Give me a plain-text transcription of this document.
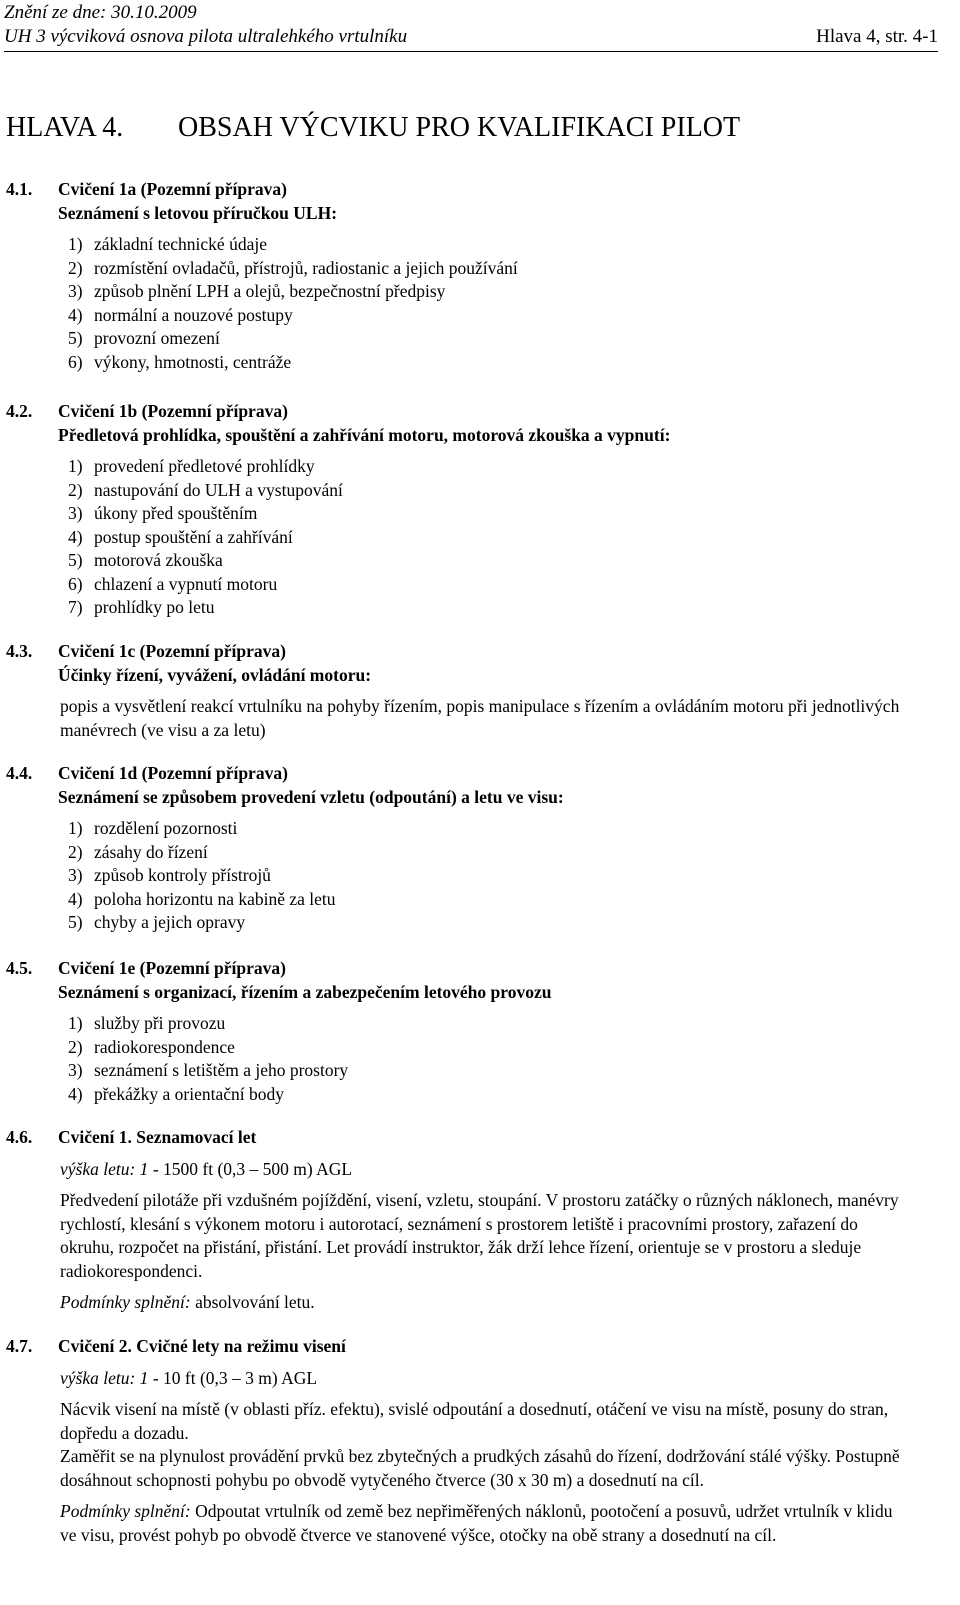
Znění ze dne: 30.10.2009
UH 3 výcviková osnova pilota ultralehkého vrtulníku	Hlava 4, str. 4-1
HLAVA 4. OBSAH VÝCVIKU PRO KVALIFIKACI PILOT
4.1. Cvičení 1a (Pozemní příprava)
Seznámení s letovou příručkou ULH:
1) základní technické údaje
2) rozmístění ovladačů, přístrojů, radiostanic a jejich používání
3) způsob plnění LPH a olejů, bezpečnostní předpisy
4) normální a nouzové postupy
5) provozní omezení
6) výkony, hmotnosti, centráže
4.2. Cvičení 1b (Pozemní příprava)
Předletová prohlídka, spouštění a zahřívání motoru, motorová zkouška a vypnutí:
1) provedení předletové prohlídky
2) nastupování do ULH a vystupování
3) úkony před spouštěním
4) postup spouštění a zahřívání
5) motorová zkouška
6) chlazení a vypnutí motoru
7) prohlídky po letu
4.3. Cvičení 1c (Pozemní příprava)
Účinky řízení, vyvážení, ovládání motoru:
popis a vysvětlení reakcí vrtulníku na pohyby řízením, popis manipulace s řízením a ovládáním motoru při jednotlivých manévrech (ve visu a za letu)
4.4. Cvičení 1d (Pozemní příprava)
Seznámení se způsobem provedení vzletu (odpoutání) a letu ve visu:
1) rozdělení pozornosti
2) zásahy do řízení
3) způsob kontroly přístrojů
4) poloha horizontu na kabině za letu
5) chyby a jejich opravy
4.5. Cvičení 1e (Pozemní příprava)
Seznámení s organizací, řízením a zabezpečením letového provozu
1) služby při provozu
2) radiokorespondence
3) seznámení s letištěm a jeho prostory
4) překážky a orientační body
4.6. Cvičení 1. Seznamovací let
výška letu: 1 - 1500 ft (0,3 – 500 m) AGL
Předvedení pilotáže při vzdušném pojíždění, visení, vzletu, stoupání. V prostoru zatáčky o různých náklonech, manévry rychlostí, klesání s výkonem motoru i autorotací, seznámení s prostorem letiště i pracovními prostory, zařazení do okruhu, rozpočet na přistání, přistání. Let provádí instruktor, žák drží lehce řízení, orientuje se v prostoru a sleduje radiokorespondenci.
Podmínky splnění: absolvování letu.
4.7. Cvičení 2. Cvičné lety na režimu visení
výška letu: 1 - 10 ft (0,3 – 3 m) AGL
Nácvik visení na místě (v oblasti příz. efektu), svislé odpoutání a dosednutí, otáčení ve visu na místě, posuny do stran, dopředu a dozadu.
Zaměřit se na plynulost provádění prvků bez zbytečných a prudkých zásahů do řízení, dodržování stálé výšky. Postupně dosáhnout schopnosti pohybu po obvodě vytyčeného čtverce (30 x 30 m) a dosednutí na cíl.
Podmínky splnění: Odpoutat vrtulník od země bez nepřiměřených náklonů, pootočení a posuvů, udržet vrtulník v klidu ve visu, provést pohyb po obvodě čtverce ve stanovené výšce, otočky na obě strany a dosednutí na cíl.
